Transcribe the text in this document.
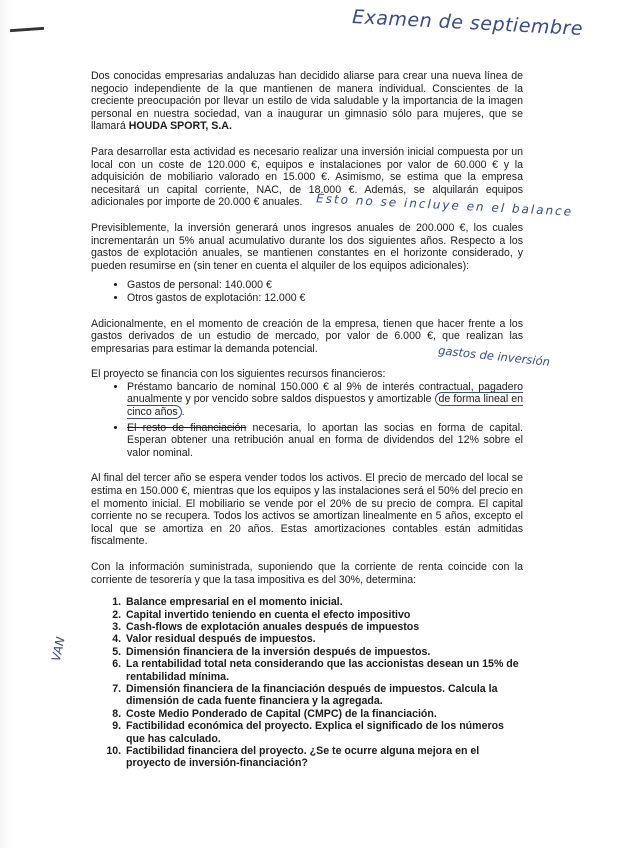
Examen de septiembre
Esto no se incluye en el balance
gastos de inversión
VAN

Dos conocidas empresarias andaluzas han decidido aliarse para crear una nueva línea de negocio independiente de la que mantienen de manera individual. Conscientes de la creciente preocupación por llevar un estilo de vida saludable y la importancia de la imagen personal en nuestra sociedad, van a inaugurar un gimnasio sólo para mujeres, que se llamará HOUDA SPORT, S.A.

Para desarrollar esta actividad es necesario realizar una inversión inicial compuesta por un local con un coste de 120.000 €, equipos e instalaciones por valor de 60.000 € y la adquisición de mobiliario valorado en 15.000 €. Asimismo, se estima que la empresa necesitará un capital corriente, NAC, de 18.000 €. Además, se alquilarán equipos adicionales por importe de 20.000 € anuales.

Previsiblemente, la inversión generará unos ingresos anuales de 200.000 €, los cuales incrementarán un 5% anual acumulativo durante los dos siguientes años. Respecto a los gastos de explotación anuales, se mantienen constantes en el horizonte considerado, y pueden resumirse en (sin tener en cuenta el alquiler de los equipos adicionales):

• Gastos de personal: 140.000 €
• Otros gastos de explotación: 12.000 €

Adicionalmente, en el momento de creación de la empresa, tienen que hacer frente a los gastos derivados de un estudio de mercado, por valor de 6.000 €, que realizan las empresarias para estimar la demanda potencial.

El proyecto se financia con los siguientes recursos financieros:

• Préstamo bancario de nominal 150.000 € al 9% de interés contractual, pagadero anualmente y por vencido sobre saldos dispuestos y amortizable de forma lineal en cinco años .
• El resto de financiación necesaria, lo aportan las socias en forma de capital. Esperan obtener una retribución anual en forma de dividendos del 12% sobre el valor nominal.

Al final del tercer año se espera vender todos los activos. El precio de mercado del local se estima en 150.000 €, mientras que los equipos y las instalaciones será el 50% del precio en el momento inicial. El mobiliario se vende por el 20% de su precio de compra. El capital corriente no se recupera. Todos los activos se amortizan linealmente en 5 años, excepto el local que se amortiza en 20 años. Estas amortizaciones contables están admitidas fiscalmente.

Con la información suministrada, suponiendo que la corriente de renta coincide con la corriente de tesorería y que la tasa impositiva es del 30%, determina:

1. Balance empresarial en el momento inicial.
2. Capital invertido teniendo en cuenta el efecto impositivo
3. Cash-flows de explotación anuales después de impuestos
4. Valor residual después de impuestos.
5. Dimensión financiera de la inversión después de impuestos.
6. La rentabilidad total neta considerando que las accionistas desean un 15% de rentabilidad mínima.
7. Dimensión financiera de la financiación después de impuestos. Calcula la dimensión de cada fuente financiera y la agregada.
8. Coste Medio Ponderado de Capital (CMPC) de la financiación.
9. Factibilidad económica del proyecto. Explica el significado de los números que has calculado.
10. Factibilidad financiera del proyecto. ¿Se te ocurre alguna mejora en el proyecto de inversión-financiación?
